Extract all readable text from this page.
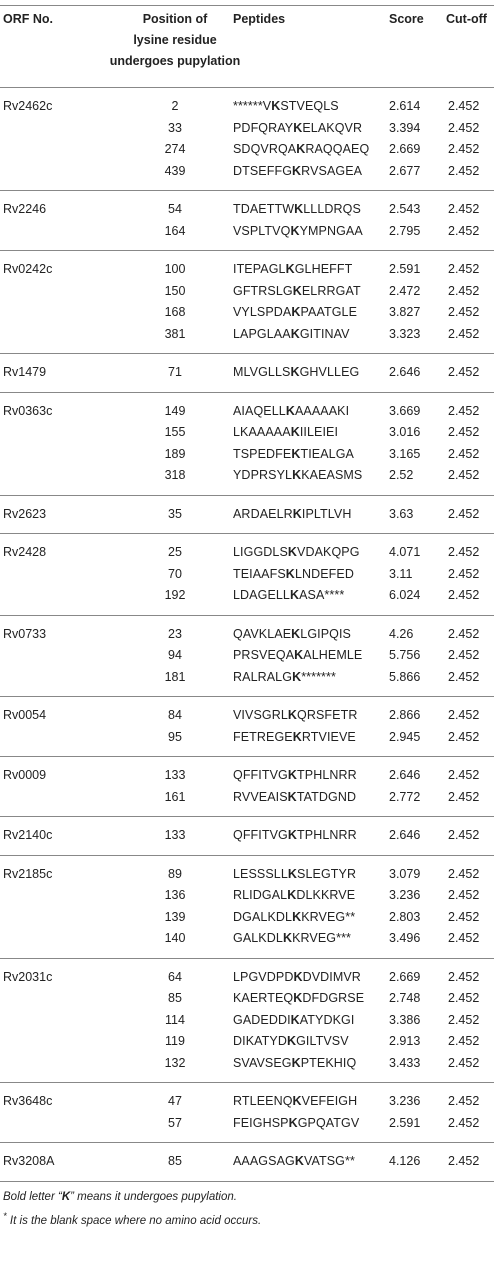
ORF No.	Position of
lysine residue
undergoes pupylation
Peptides	Score Cut-off
Rv2462c	2	******VKSTVEQLS	2.614 2.452
33	PDFQRAYKELAKQVR 3.394 2.452
274	SDQVRQAKRAQQAEQ 2.669 2.452
439	DTSEFFGKRVSAGEA 2.677 2.452
Rv2246	54	TDAETTWKLLLDRQS 2.543 2.452
164	VSPLTVQKYMPNGAA 2.795 2.452
Rv0242c	100	ITEPAGLKGLHEFFT	2.591 2.452
150	GFTRSLGKELRRGAT 2.472 2.452
168	VYLSPDAKPAATGLE	3.827 2.452
381	LAPGLAAKGITINAV	3.323 2.452
Rv1479	71	MLVGLLSKGHVLLEG 2.646 2.452
Rv0363c	149	AIAQELLKAAAAAKI	3.669 2.452
155	LKAAAAAKIILEIEI	3.016 2.452
189	TSPEDFEKTIEALGA	3.165 2.452
318	YDPRSYLKKAEASMS 2.52	2.452
Rv2623	35	ARDAELRKIPLTLVH	3.63	2.452
Rv2428	25	LIGGDLSKVDAKQPG 4.071 2.452
70	TEIAAFSKLNDEFED	3.11	2.452
192	LDAGELLKASA****	6.024 2.452
Rv0733	23	QAVKLAEKLGIPQIS	4.26	2.452
94	PRSVEQAKALHEMLE 5.756 2.452
181	RALRALGK*******	5.866 2.452
Rv0054	84	VIVSGRLKQRSFETR	2.866 2.452
95	FETREGEKRTVIEVE	2.945 2.452
Rv0009	133	QFFITVGKTPHLNRR	2.646 2.452
161	RVVEAISKTATDGND	2.772 2.452
Rv2140c	133	QFFITVGKTPHLNRR	2.646 2.452
Rv2185c	89	LESSSLLKSLEGTYR	3.079 2.452
136	RLIDGALKDLKKRVE	3.236 2.452
139	DGALKDLKKRVEG**	2.803 2.452
140	GALKDLKKRVEG***	3.496 2.452
Rv2031c	64	LPGVDPDKDVDIMVR 2.669 2.452
85	KAERTEQKDFDGRSE 2.748 2.452
114	GADEDDIKATYDKGI	3.386 2.452
119	DIKATYDKGILTVSV	2.913 2.452
132	SVAVSEGKPTEKHIQ	3.433 2.452
Rv3648c	47	RTLEENQKVEFEIGH	3.236 2.452
57	FEIGHSPKGPQATGV 2.591 2.452
Rv3208A	85	AAAGSAGKVATSG**	4.126 2.452
Bold letter “K” means it undergoes pupylation.
* It is the blank space where no amino acid occurs.
